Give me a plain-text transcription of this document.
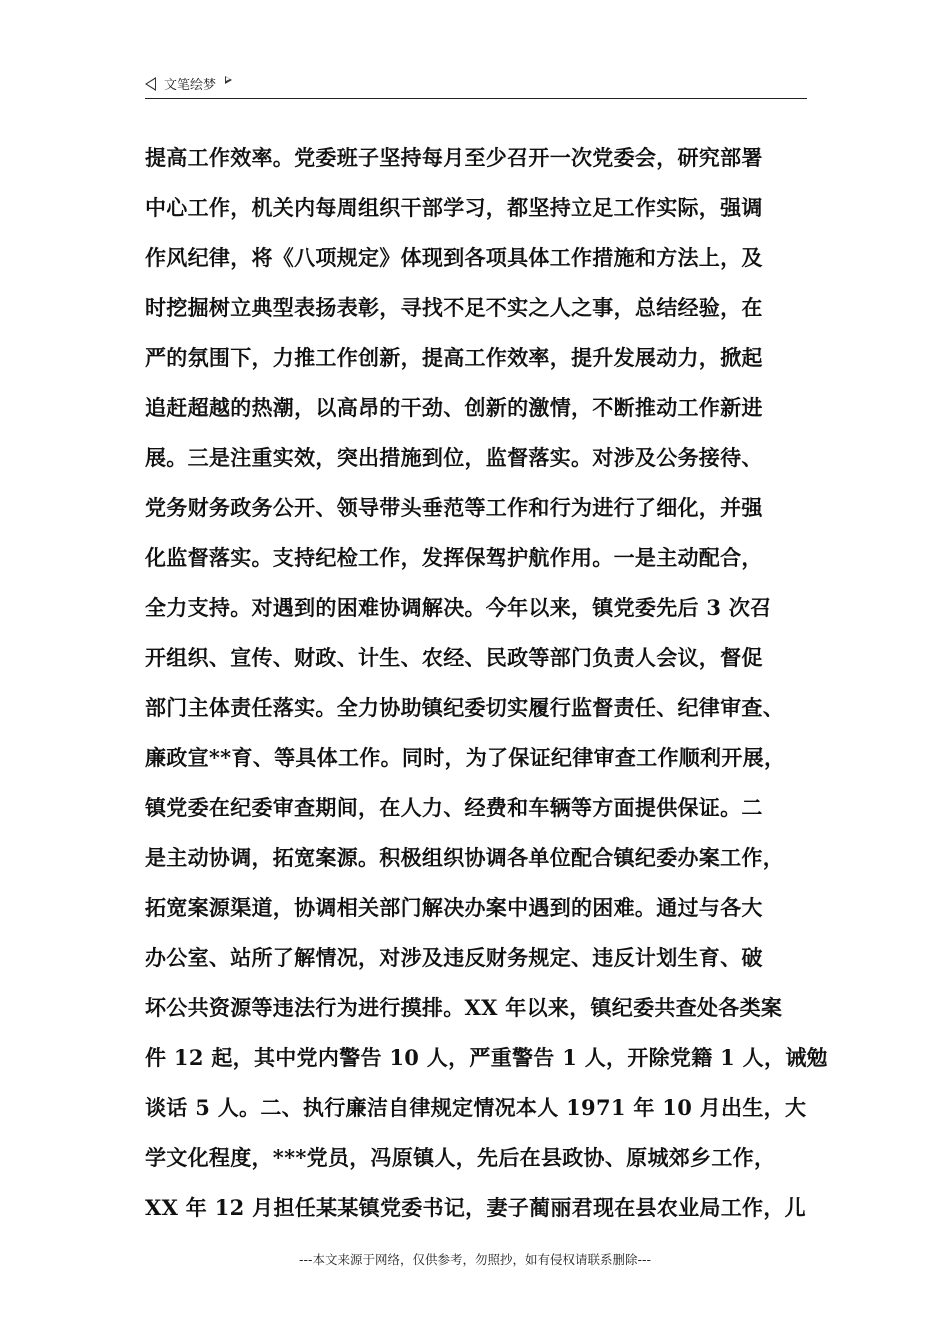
文笔绘梦
提高工作效率。党委班子坚持每月至少召开一次党委会，研究部署
中心工作，机关内每周组织干部学习，都坚持立足工作实际，强调
作风纪律，将《八项规定》体现到各项具体工作措施和方法上，及
时挖掘树立典型表扬表彰，寻找不足不实之人之事，总结经验，在
严的氛围下，力推工作创新，提高工作效率，提升发展动力，掀起
追赶超越的热潮，以高昂的干劲、创新的激情，不断推动工作新进
展。三是注重实效，突出措施到位，监督落实。对涉及公务接待、
党务财务政务公开、领导带头垂范等工作和行为进行了细化，并强
化监督落实。支持纪检工作，发挥保驾护航作用。一是主动配合，
全力支持。对遇到的困难协调解决。今年以来，镇党委先后 3 次召
开组织、宣传、财政、计生、农经、民政等部门负责人会议，督促
部门主体责任落实。全力协助镇纪委切实履行监督责任、纪律审查、
廉政宣**育、等具体工作。同时，为了保证纪律审查工作顺利开展，
镇党委在纪委审查期间，在人力、经费和车辆等方面提供保证。二
是主动协调，拓宽案源。积极组织协调各单位配合镇纪委办案工作，
拓宽案源渠道，协调相关部门解决办案中遇到的困难。通过与各大
办公室、站所了解情况，对涉及违反财务规定、违反计划生育、破
坏公共资源等违法行为进行摸排。XX 年以来，镇纪委共查处各类案
件 12 起，其中党内警告 10 人，严重警告 1 人，开除党籍 1 人，诫勉
谈话 5 人。二、执行廉洁自律规定情况本人 1971 年 10 月出生，大
学文化程度，***党员，冯原镇人，先后在县政协、原城郊乡工作，
XX 年 12 月担任某某镇党委书记，妻子蔺丽君现在县农业局工作，儿
---本文来源于网络，仅供参考，勿照抄，如有侵权请联系删除---
